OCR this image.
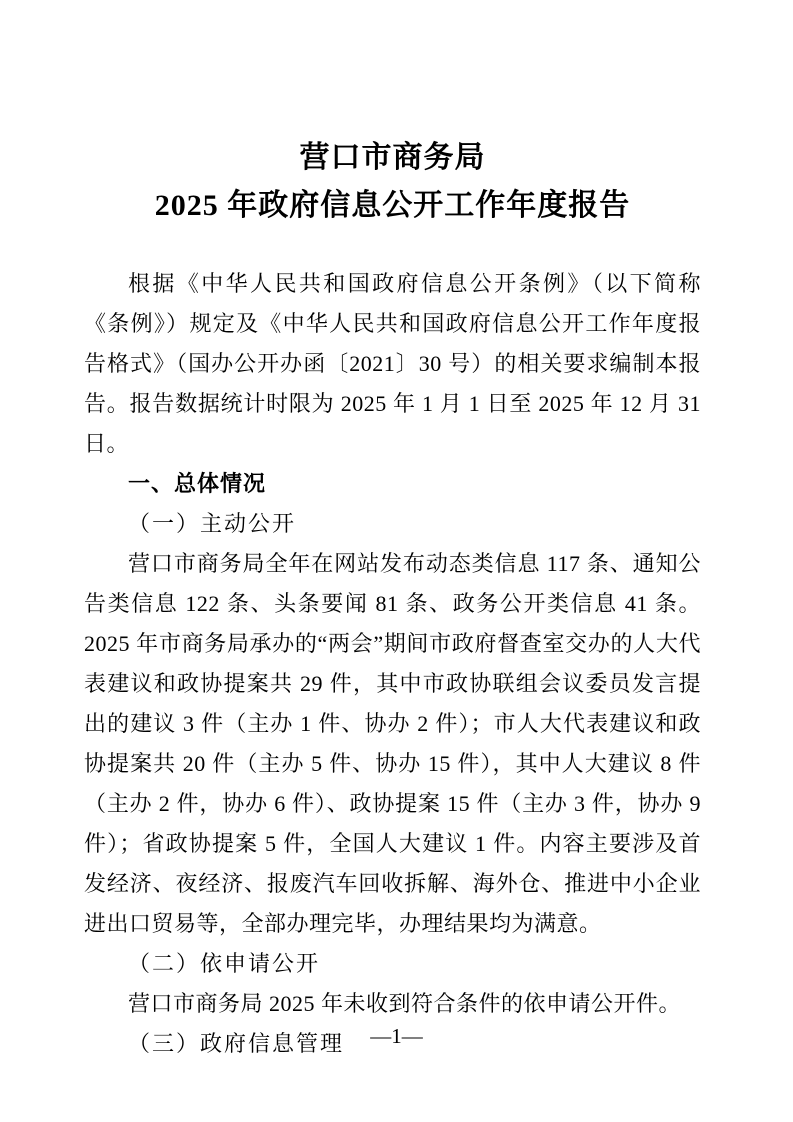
营口市商务局
2025 年政府信息公开工作年度报告

根据《中华人民共和国政府信息公开条例》（以下简称《条例》）规定及《中华人民共和国政府信息公开工作年度报告格式》（国办公开办函〔2021〕30 号）的相关要求编制本报告。报告数据统计时限为 2025 年 1 月 1 日至 2025 年 12 月 31 日。

一、总体情况
（一）主动公开

营口市商务局全年在网站发布动态类信息 117 条、通知公告类信息 122 条、头条要闻 81 条、政务公开类信息 41 条。2025 年市商务局承办的“两会”期间市政府督查室交办的人大代表建议和政协提案共 29 件，其中市政协联组会议委员发言提出的建议 3 件（主办 1 件、协办 2 件）；市人大代表建议和政协提案共 20 件（主办 5 件、协办 15 件），其中人大建议 8 件（主办 2 件，协办 6 件）、政协提案 15 件（主办 3 件，协办 9 件）；省政协提案 5 件，全国人大建议 1 件。内容主要涉及首发经济、夜经济、报废汽车回收拆解、海外仓、推进中小企业进出口贸易等，全部办理完毕，办理结果均为满意。

（二）依申请公开

营口市商务局 2025 年未收到符合条件的依申请公开件。

（三）政府信息管理	—1—
